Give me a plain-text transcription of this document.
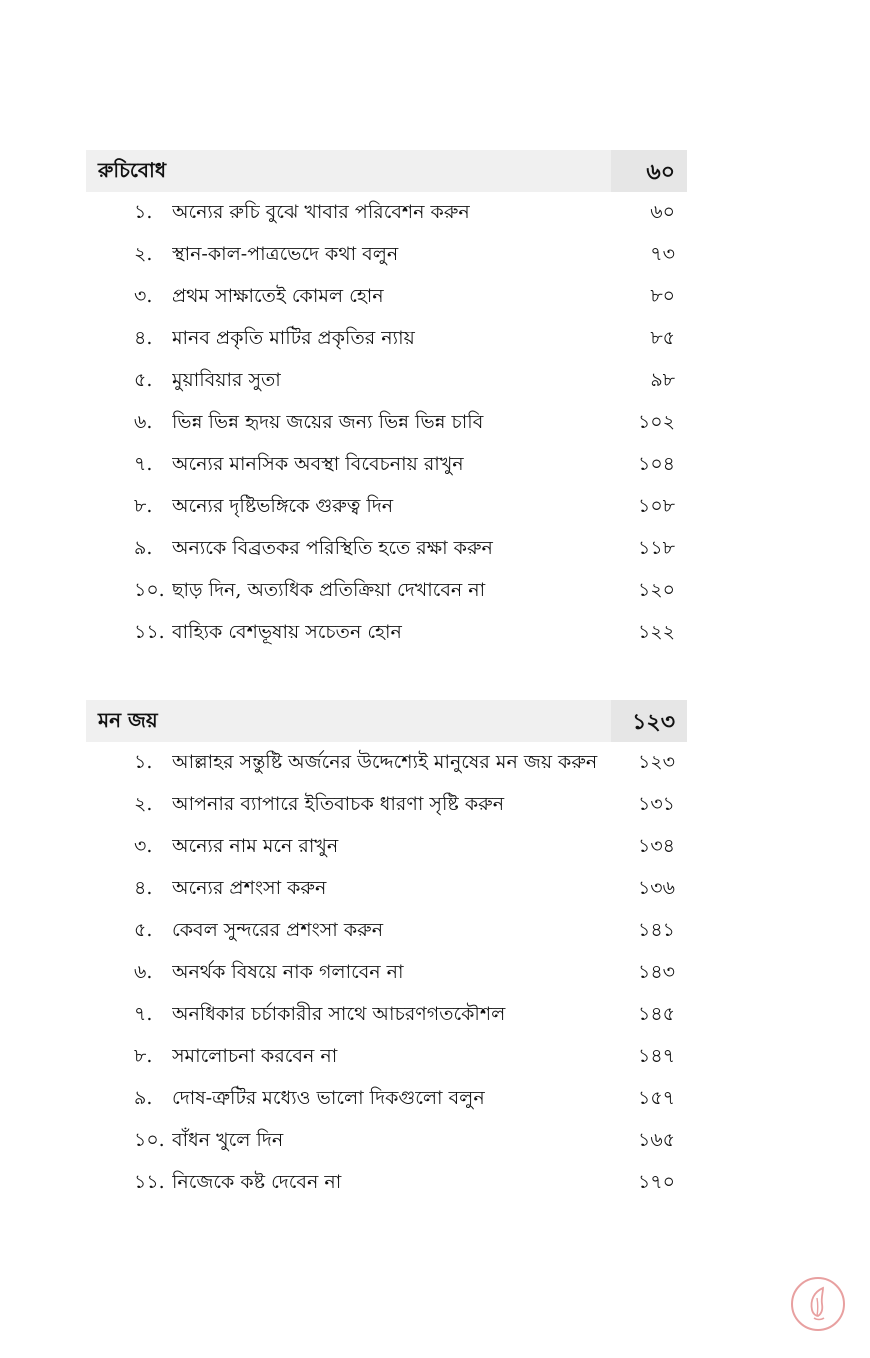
রুচিবোধ	৬০
১. অন্যের রুচি বুঝে খাবার পরিবেশন করুন	৬০
২. স্থান-কাল-পাত্রভেদে কথা বলুন	৭৩
৩. প্রথম সাক্ষাতেই কোমল হোন	৮০
৪. মানব প্রকৃতি মাটির প্রকৃতির ন্যায়	৮৫
৫. মুয়াবিয়ার সুতা	৯৮
৬. ভিন্ন ভিন্ন হৃদয় জয়ের জন্য ভিন্ন ভিন্ন চাবি	১০২
৭. অন্যের মানসিক অবস্থা বিবেচনায় রাখুন	১০৪
৮. অন্যের দৃষ্টিভঙ্গিকে গুরুত্ব দিন	১০৮
৯. অন্যকে বিব্রতকর পরিস্থিতি হতে রক্ষা করুন	১১৮
১০. ছাড় দিন, অত্যধিক প্রতিক্রিয়া দেখাবেন না	১২০
১১. বাহ্যিক বেশভূষায় সচেতন হোন	১২২
মন জয়	১২৩
১. আল্লাহর সন্তুষ্টি অর্জনের উদ্দেশ্যেই মানুষের মন জয় করুন ১২৩
২. আপনার ব্যাপারে ইতিবাচক ধারণা সৃষ্টি করুন	১৩১
৩. অন্যের নাম মনে রাখুন	১৩৪
৪. অন্যের প্রশংসা করুন	১৩৬
৫. কেবল সুন্দরের প্রশংসা করুন	১৪১
৬. অনর্থক বিষয়ে নাক গলাবেন না	১৪৩
৭. অনধিকার চর্চাকারীর সাথে আচরণগতকৌশল	১৪৫
৮. সমালোচনা করবেন না	১৪৭
৯. দোষ-ত্রুটির মধ্যেও ভালো দিকগুলো বলুন	১৫৭
১০. বাঁধন খুলে দিন	১৬৫
১১. নিজেকে কষ্ট দেবেন না	১৭০
